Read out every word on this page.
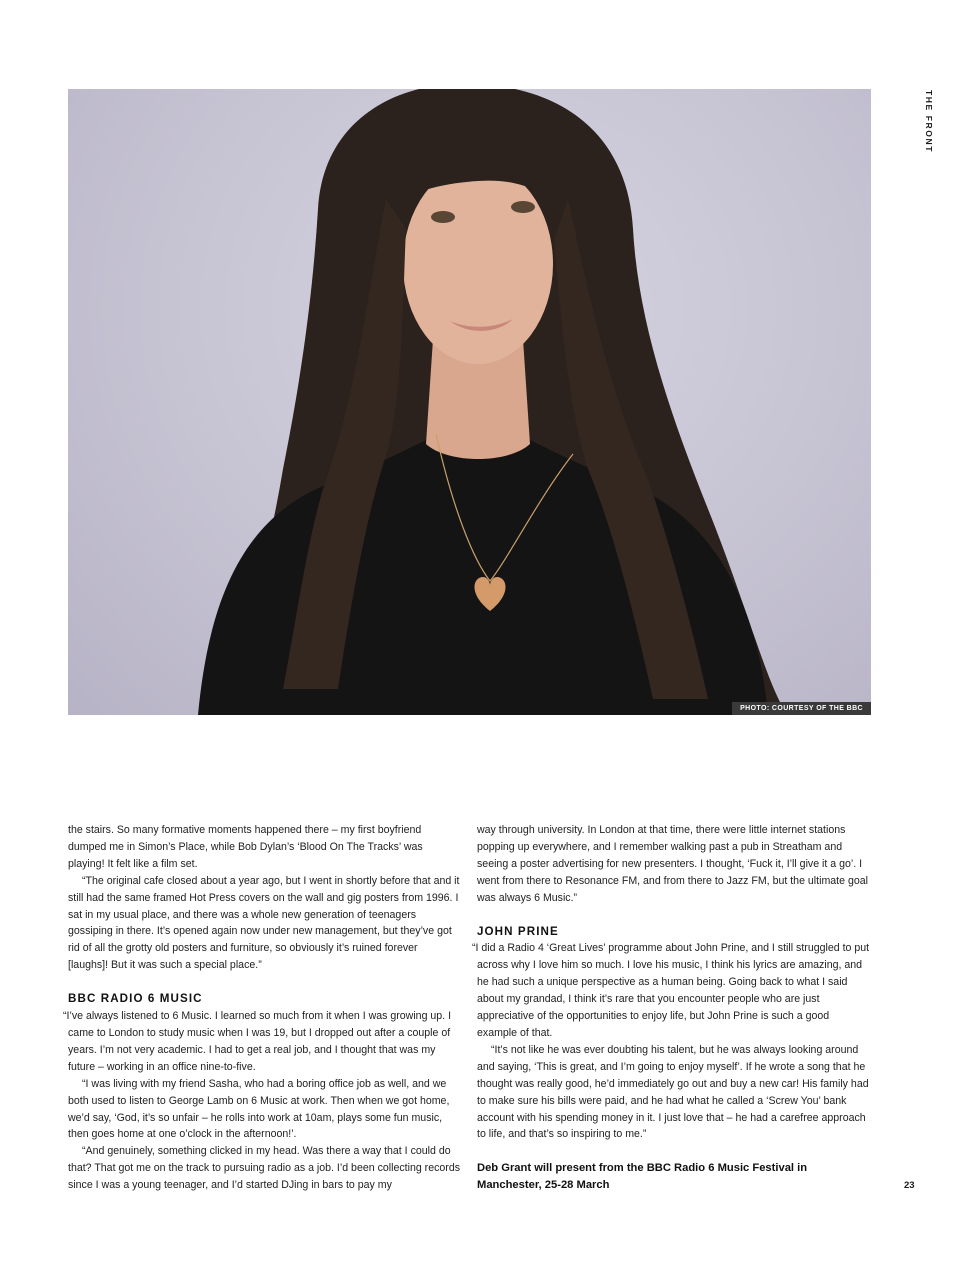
THE FRONT
PHOTO: COURTESY OF THE BBC

the stairs. So many formative moments happened there – my first boyfriend dumped me in Simon’s Place, while Bob Dylan’s ‘Blood On The Tracks’ was playing! It felt like a film set.

“The original cafe closed about a year ago, but I went in shortly before that and it still had the same framed Hot Press covers on the wall and gig posters from 1996. I sat in my usual place, and there was a whole new generation of teenagers gossiping in there. It’s opened again now under new management, but they’ve got rid of all the grotty old posters and furniture, so obviously it’s ruined forever [laughs]! But it was such a special place.”

BBC RADIO 6 MUSIC

“I’ve always listened to 6 Music. I learned so much from it when I was growing up. I came to London to study music when I was 19, but I dropped out after a couple of years. I’m not very academic. I had to get a real job, and I thought that was my future – working in an office nine-to-five.

“I was living with my friend Sasha, who had a boring office job as well, and we both used to listen to George Lamb on 6 Music at work. Then when we got home, we’d say, ‘God, it’s so unfair – he rolls into work at 10am, plays some fun music, then goes home at one o’clock in the afternoon!’.

“And genuinely, something clicked in my head. Was there a way that I could do that? That got me on the track to pursuing radio as a job. I’d been collecting records since I was a young teenager, and I’d started DJing in bars to pay my

way through university. In London at that time, there were little internet stations popping up everywhere, and I remember walking past a pub in Streatham and seeing a poster advertising for new presenters. I thought, ‘Fuck it, I’ll give it a go’. I went from there to Resonance FM, and from there to Jazz FM, but the ultimate goal was always 6 Music.”

JOHN PRINE

“I did a Radio 4 ‘Great Lives’ programme about John Prine, and I still struggled to put across why I love him so much. I love his music, I think his lyrics are amazing, and he had such a unique perspective as a human being. Going back to what I said about my grandad, I think it’s rare that you encounter people who are just appreciative of the opportunities to enjoy life, but John Prine is such a good example of that.

“It’s not like he was ever doubting his talent, but he was always looking around and saying, ‘This is great, and I’m going to enjoy myself’. If he wrote a song that he thought was really good, he’d immediately go out and buy a new car! His family had to make sure his bills were paid, and he had what he called a ‘Screw You’ bank account with his spending money in it. I just love that – he had a carefree approach to life, and that’s so inspiring to me.”

Deb Grant will present from the BBC Radio 6 Music Festival in Manchester, 25-28 March	23
